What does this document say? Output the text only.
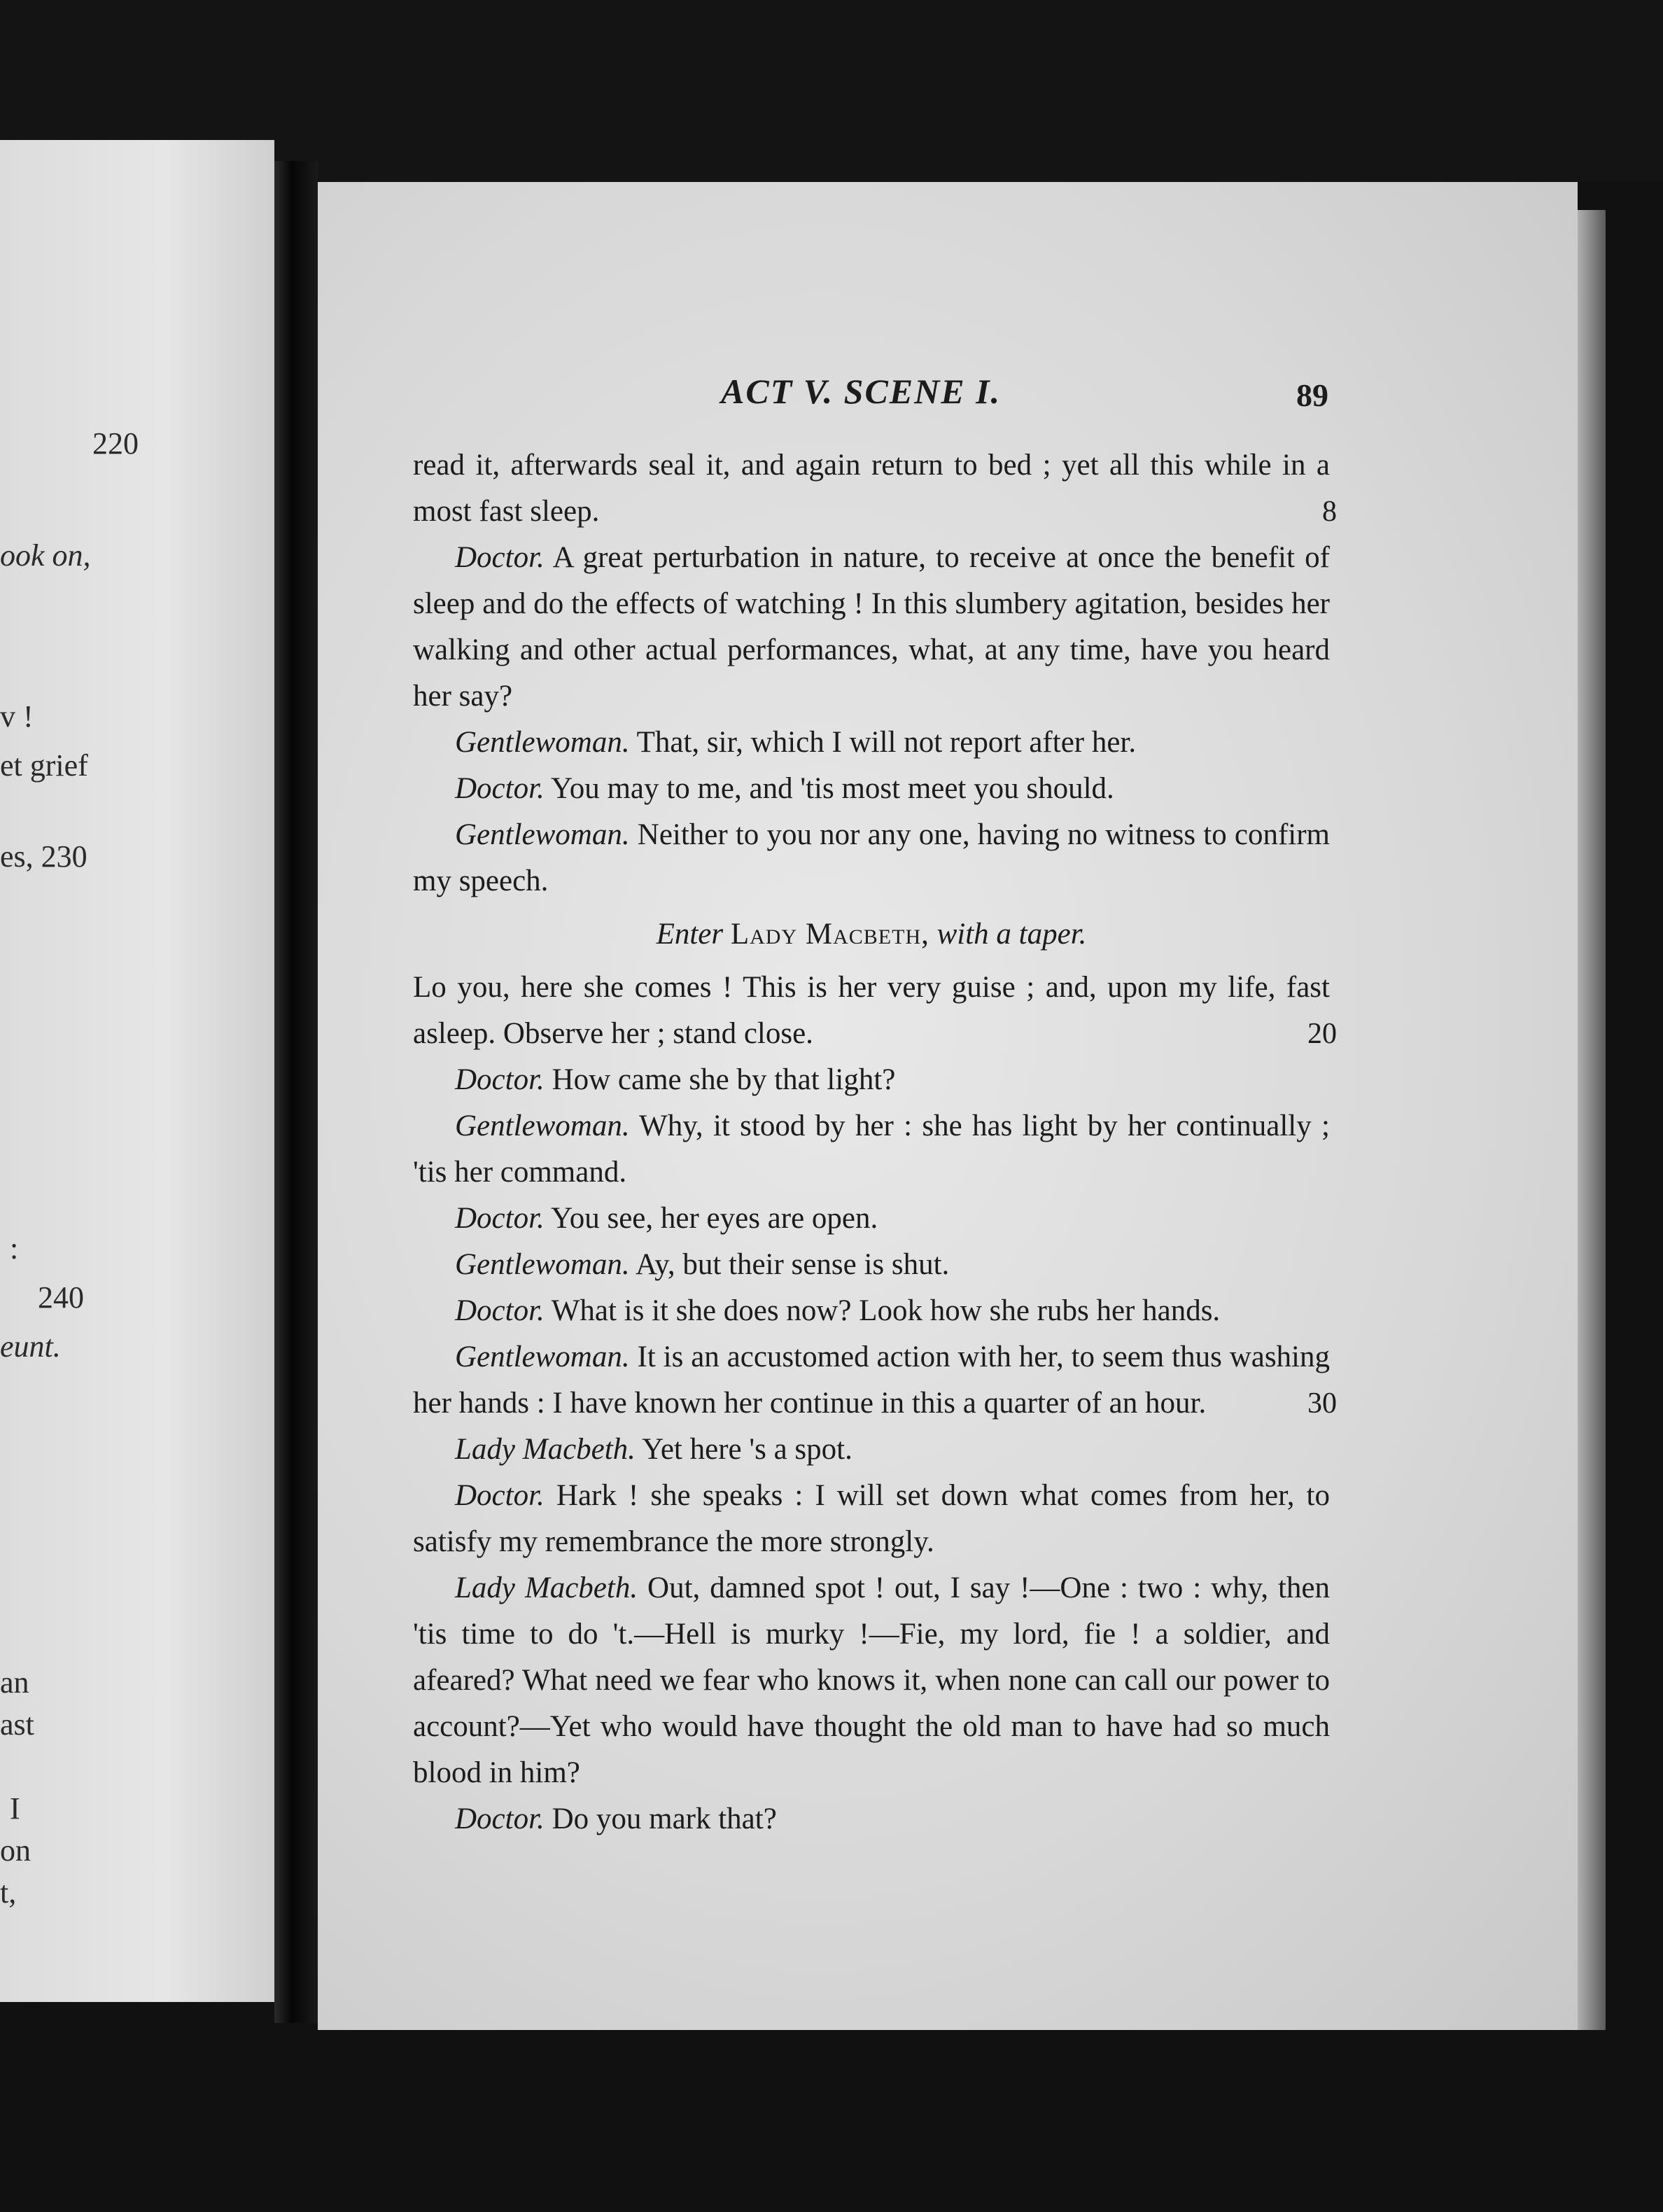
220
ook on,
v !
et grief
es, 230
:
240
eunt.
an
ast
I
on
t,
ACT V. SCENE I.	89

read it, afterwards seal it, and again return to bed ; yet all this while in a most fast sleep.	8

Doctor. A great perturbation in nature, to receive at once the benefit of sleep and do the effects of watching ! In this slumbery agitation, besides her walking and other actual performances, what, at any time, have you heard her say?

Gentlewoman. That, sir, which I will not report after her.

Doctor. You may to me, and 'tis most meet you should.

Gentlewoman. Neither to you nor any one, having no witness to confirm my speech.

Enter Lady Macbeth, with a taper.

Lo you, here she comes ! This is her very guise ; and, upon my life, fast asleep. Observe her ; stand close.	20

Doctor. How came she by that light?

Gentlewoman. Why, it stood by her : she has light by her continually ; 'tis her command.

Doctor. You see, her eyes are open.

Gentlewoman. Ay, but their sense is shut.

Doctor. What is it she does now? Look how she rubs her hands.

Gentlewoman. It is an accustomed action with her, to seem thus washing her hands : I have known her continue in this a quarter of an hour.	30

Lady Macbeth. Yet here 's a spot.

Doctor. Hark ! she speaks : I will set down what comes from her, to satisfy my remembrance the more strongly.

Lady Macbeth. Out, damned spot ! out, I say !—One : two : why, then 'tis time to do 't.—Hell is murky !—Fie, my lord, fie ! a soldier, and afeared? What need we fear who knows it, when none can call our power to account?—Yet who would have thought the old man to have had so much blood in him?

Doctor. Do you mark that?
